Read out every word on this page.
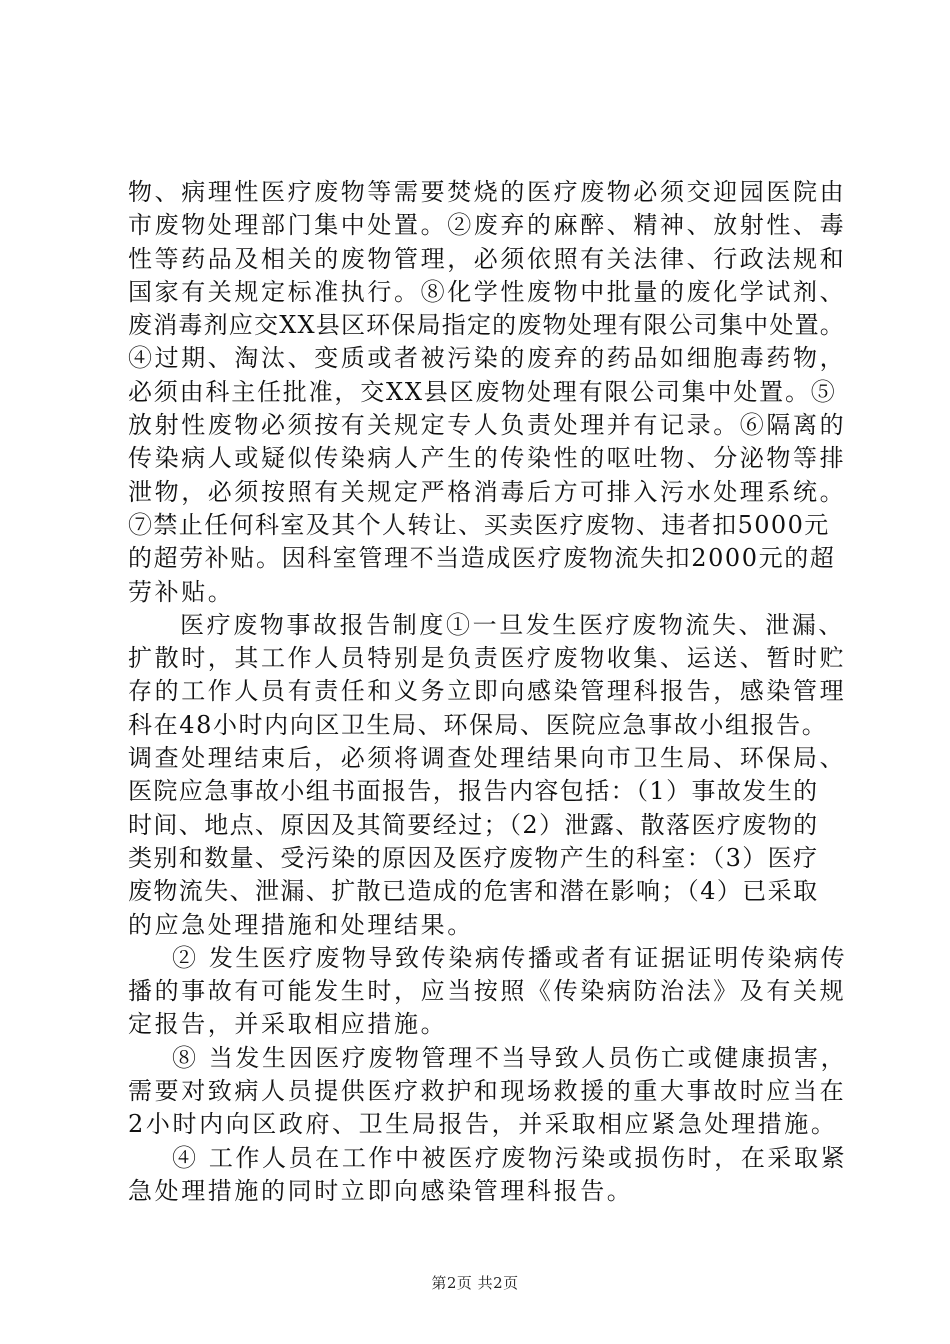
物、病理性医疗废物等需要焚烧的医疗废物必须交迎园医院由
市废物处理部门集中处置。②废弃的麻醉、精神、放射性、毒
性等药品及相关的废物管理，必须依照有关法律、行政法规和
国家有关规定标准执行。⑧化学性废物中批量的废化学试剂、
废消毒剂应交XX县区环保局指定的废物处理有限公司集中处置。
④过期、淘汰、变质或者被污染的废弃的药品如细胞毒药物，
必须由科主任批准，交XX县区废物处理有限公司集中处置。⑤
放射性废物必须按有关规定专人负责处理并有记录。⑥隔离的
传染病人或疑似传染病人产生的传染性的呕吐物、分泌物等排
泄物，必须按照有关规定严格消毒后方可排入污水处理系统。
⑦禁止任何科室及其个人转让、买卖医疗废物、违者扣5000元
的超劳补贴。因科室管理不当造成医疗废物流失扣2000元的超
劳补贴。
医疗废物事故报告制度①一旦发生医疗废物流失、泄漏、
扩散时，其工作人员特别是负责医疗废物收集、运送、暂时贮
存的工作人员有责任和义务立即向感染管理科报告，感染管理
科在48小时内向区卫生局、环保局、医院应急事故小组报告。
调查处理结束后，必须将调查处理结果向市卫生局、环保局、
医院应急事故小组书面报告，报告内容包括：（1）事故发生的
时间、地点、原因及其简要经过；（2）泄露、散落医疗废物的
类别和数量、受污染的原因及医疗废物产生的科室：（3）医疗
废物流失、泄漏、扩散已造成的危害和潜在影响；（4）已采取
的应急处理措施和处理结果。
② 发生医疗废物导致传染病传播或者有证据证明传染病传
播的事故有可能发生时，应当按照《传染病防治法》及有关规
定报告，并采取相应措施。
⑧ 当发生因医疗废物管理不当导致人员伤亡或健康损害，
需要对致病人员提供医疗救护和现场救援的重大事故时应当在
2小时内向区政府、卫生局报告，并采取相应紧急处理措施。
④ 工作人员在工作中被医疗废物污染或损伤时，在采取紧
急处理措施的同时立即向感染管理科报告。
第2页 共2页
